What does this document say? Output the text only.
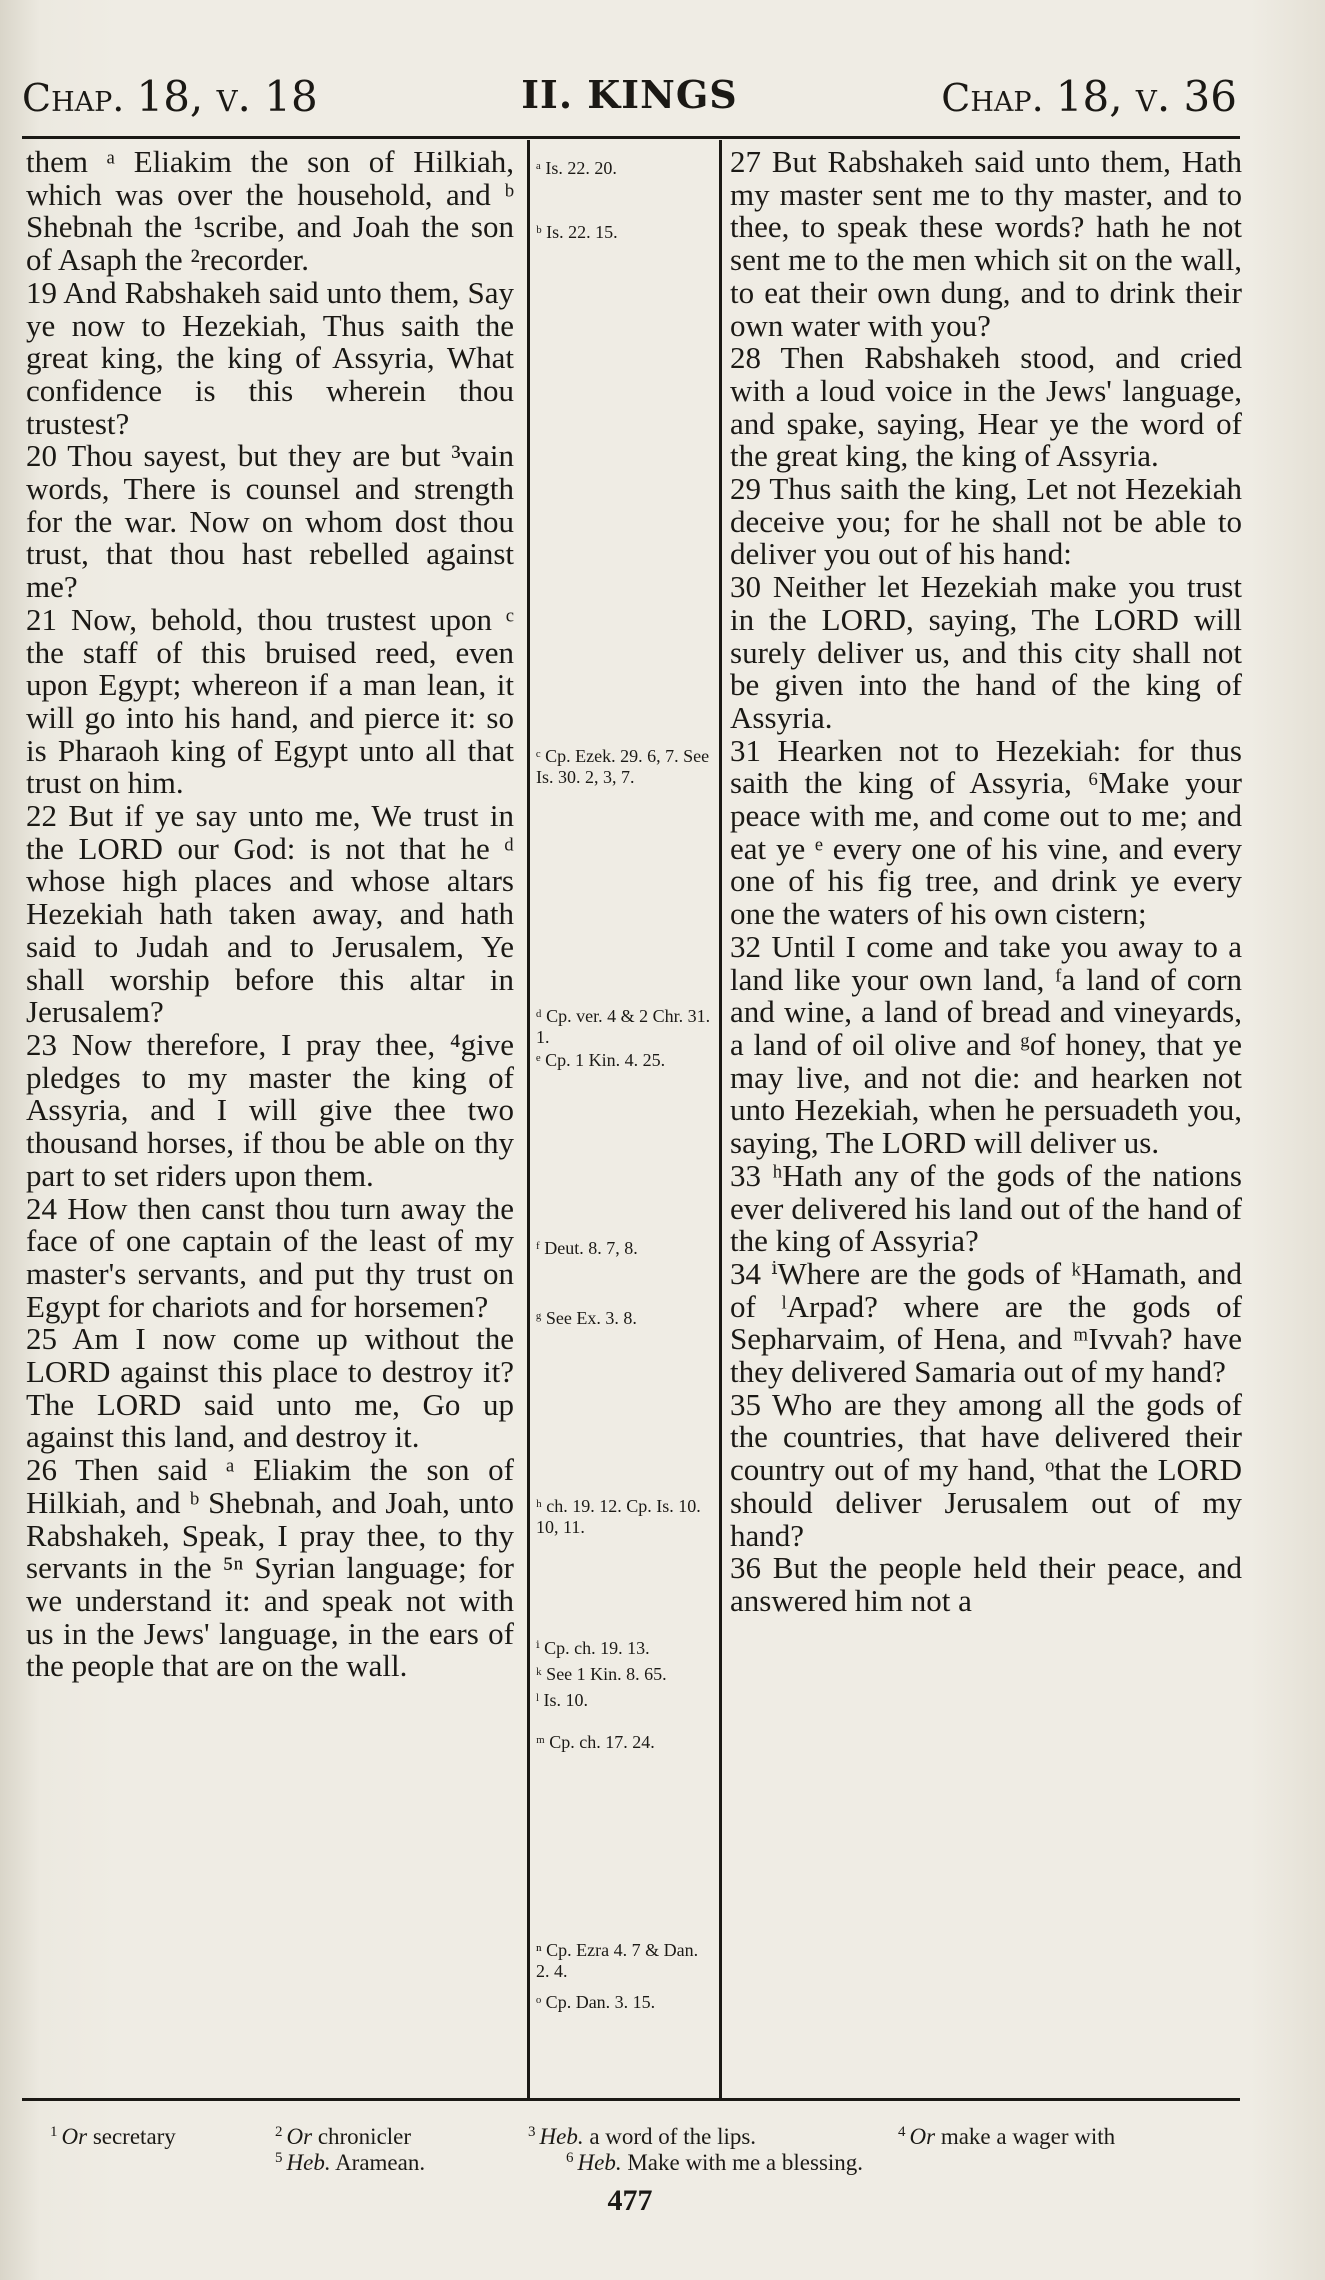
Chap. 18, v. 18	II. KINGS	Chap. 18, v. 36

them ᵃ Eliakim the son of Hilkiah, which was over the household, and ᵇ Shebnah the ¹scribe, and Joah the son of Asaph the ²recorder.

19 And Rabshakeh said unto them, Say ye now to Hezekiah, Thus saith the great king, the king of Assyria, What confidence is this wherein thou trustest?

20 Thou sayest, but they are but ³vain words, There is counsel and strength for the war. Now on whom dost thou trust, that thou hast rebelled against me?

21 Now, behold, thou trustest upon ᶜ the staff of this bruised reed, even upon Egypt; whereon if a man lean, it will go into his hand, and pierce it: so is Pharaoh king of Egypt unto all that trust on him.

22 But if ye say unto me, We trust in the LORD our God: is not that he ᵈ whose high places and whose altars Hezekiah hath taken away, and hath said to Judah and to Jerusalem, Ye shall worship before this altar in Jerusalem?

23 Now therefore, I pray thee, ⁴give pledges to my master the king of Assyria, and I will give thee two thousand horses, if thou be able on thy part to set riders upon them.

24 How then canst thou turn away the face of one captain of the least of my master's servants, and put thy trust on Egypt for chariots and for horsemen?

25 Am I now come up without the LORD against this place to destroy it? The LORD said unto me, Go up against this land, and destroy it.

26 Then said ᵃ Eliakim the son of Hilkiah, and ᵇ Shebnah, and Joah, unto Rabshakeh, Speak, I pray thee, to thy servants in the ⁵ⁿ Syrian language; for we understand it: and speak not with us in the Jews' language, in the ears of the people that are on the wall.

ᵃ Is. 22. 20.
ᵇ Is. 22. 15.
ᶜ Cp. Ezek. 29. 6, 7. See Is. 30. 2, 3, 7.
ᵈ Cp. ver. 4 & 2 Chr. 31. 1.
ᵉ Cp. 1 Kin. 4. 25.
ᶠ Deut. 8. 7, 8.
ᵍ See Ex. 3. 8.
ʰ ch. 19. 12. Cp. Is. 10. 10, 11.
ⁱ Cp. ch. 19. 13.
ᵏ See 1 Kin. 8. 65.
ˡ Is. 10.
ᵐ Cp. ch. 17. 24.
ⁿ Cp. Ezra 4. 7 & Dan. 2. 4.
ᵒ Cp. Dan. 3. 15.

27 But Rabshakeh said unto them, Hath my master sent me to thy master, and to thee, to speak these words? hath he not sent me to the men which sit on the wall, to eat their own dung, and to drink their own water with you?

28 Then Rabshakeh stood, and cried with a loud voice in the Jews' language, and spake, saying, Hear ye the word of the great king, the king of Assyria.

29 Thus saith the king, Let not Hezekiah deceive you; for he shall not be able to deliver you out of his hand:

30 Neither let Hezekiah make you trust in the LORD, saying, The LORD will surely deliver us, and this city shall not be given into the hand of the king of Assyria.

31 Hearken not to Hezekiah: for thus saith the king of Assyria, ⁶Make your peace with me, and come out to me; and eat ye ᵉ every one of his vine, and every one of his fig tree, and drink ye every one the waters of his own cistern;

32 Until I come and take you away to a land like your own land, ᶠa land of corn and wine, a land of bread and vineyards, a land of oil olive and ᵍof honey, that ye may live, and not die: and hearken not unto Hezekiah, when he persuadeth you, saying, The LORD will deliver us.

33 ʰHath any of the gods of the nations ever delivered his land out of the hand of the king of Assyria?

34 ⁱWhere are the gods of ᵏHamath, and of ˡArpad? where are the gods of Sepharvaim, of Hena, and ᵐIvvah? have they delivered Samaria out of my hand?

35 Who are they among all the gods of the countries, that have delivered their country out of my hand, ᵒthat the LORD should deliver Jerusalem out of my hand?

36 But the people held their peace, and answered him not a

$^1$ Or secretary	$^2$ Or chronicler	$^3$ Heb. a word of the lips.	$^4$ Or make a wager with
$^5$ Heb. Aramean.	$^6$ Heb. Make with me a blessing.
477
